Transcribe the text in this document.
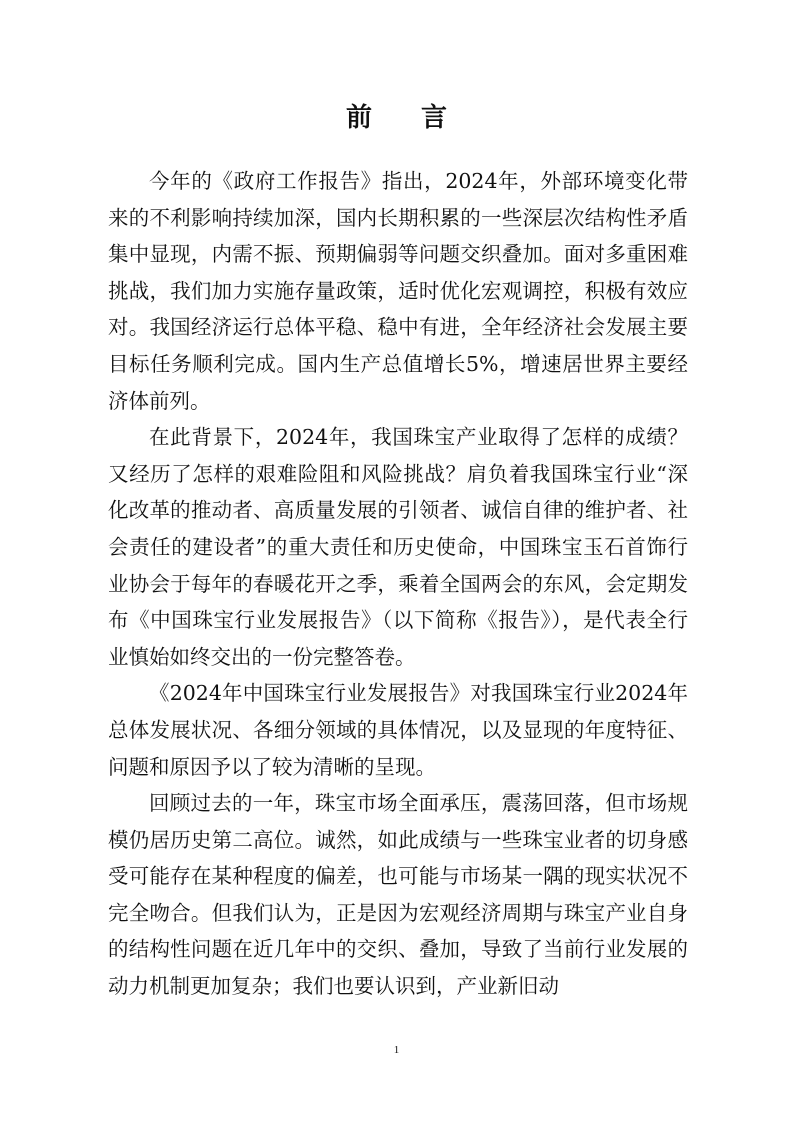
前 言

今年的《政府工作报告》指出，2024年，外部环境变化带来的不利影响持续加深，国内长期积累的一些深层次结构性矛盾集中显现，内需不振、预期偏弱等问题交织叠加。面对多重困难挑战，我们加力实施存量政策，适时优化宏观调控，积极有效应对。我国经济运行总体平稳、稳中有进，全年经济社会发展主要目标任务顺利完成。国内生产总值增长5%，增速居世界主要经济体前列。

在此背景下，2024年，我国珠宝产业取得了怎样的成绩？又经历了怎样的艰难险阻和风险挑战？肩负着我国珠宝行业“深化改革的推动者、高质量发展的引领者、诚信自律的维护者、社会责任的建设者”的重大责任和历史使命，中国珠宝玉石首饰行业协会于每年的春暖花开之季，乘着全国两会的东风，会定期发布《中国珠宝行业发展报告》（以下简称《报告》），是代表全行业慎始如终交出的一份完整答卷。

《2024年中国珠宝行业发展报告》对我国珠宝行业2024年总体发展状况、各细分领域的具体情况，以及显现的年度特征、问题和原因予以了较为清晰的呈现。

回顾过去的一年，珠宝市场全面承压，震荡回落，但市场规模仍居历史第二高位。诚然，如此成绩与一些珠宝业者的切身感受可能存在某种程度的偏差，也可能与市场某一隅的现实状况不完全吻合。但我们认为，正是因为宏观经济周期与珠宝产业自身的结构性问题在近几年中的交织、叠加，导致了当前行业发展的动力机制更加复杂；我们也要认识到，产业新旧动

1
